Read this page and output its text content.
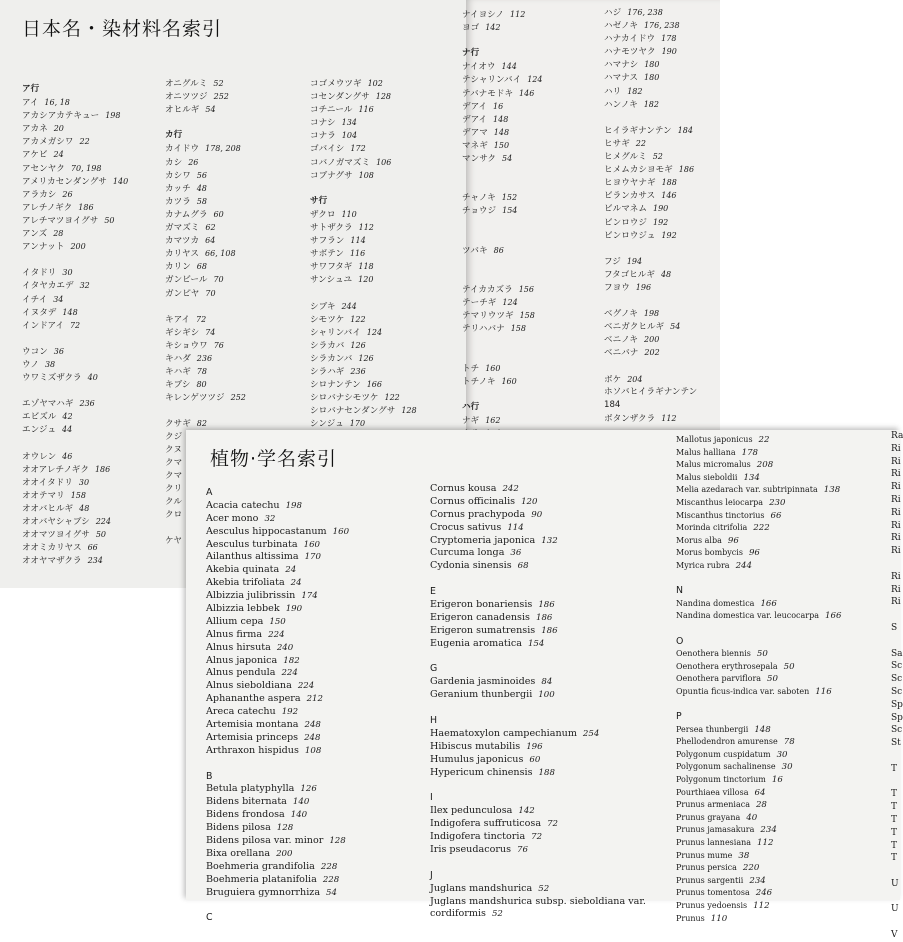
日本名・染材料名索引
ア行
アイ 16, 18
アカシアカテキュー 198
アカネ 20
アカメガシワ 22
アケビ 24
アセンヤク 70, 198
アメリカセンダングサ 140
アラカシ 26
アレチノギク 186
アレチマツヨイグサ 50
アンズ 28
アンナット 200
イタドリ 30
イタヤカエデ 32
イチイ 34
イヌタデ 148
インドアイ 72
ウコン 36
ウノ 38
ウワミズザクラ 40
エゾヤマハギ 236
エビズル 42
エンジュ 44
オウレン 46
オオアレチノギク 186
オオイタドリ 30
オオテマリ 158
オオバヒルギ 48
オオバヤシャブシ 224
オオマツヨイグサ 50
オオミカリヤス 66
オオヤマザクラ 234
オニグルミ 52
オニツツジ 252
オヒルギ 54
カ行
カイドウ 178, 208
カシ 26
カシワ 56
カッチ 48
カツラ 58
カナムグラ 60
ガマズミ 62
カマツカ 64
カリヤス 66, 108
カリン 68
ガンビール 70
ガンピヤ 70
キアイ 72
ギシギシ 74
キショウワ 76
キハダ 236
キハギ 78
キブシ 80
キレンゲツツジ 252
クサギ 82
クジ
クヌ
クマ
クマ
クリ
クル
クロ
ケヤ
コゴメウツギ 102
コセンダングサ 128
コチニール 116
コナシ 134
コナラ 104
ゴバイシ 172
コバノガマズミ 106
コブナグサ 108
サ行
ザクロ 110
サトザクラ 112
サフラン 114
サボテン 116
サワフタギ 118
サンシュユ 120
シブキ 244
シモツケ 122
シャリンバイ 124
シラカバ 126
シラカンバ 126
シラハギ 236
シロナンテン 166
シロバナシモツケ 122
シロバナセンダングサ 128
シンジュ 170
ナイヨシノ 112
ヨゴ 142
ナ行
ナイオウ 144
テシャリンバイ 124
テバナモドキ 146
デアイ 16
デアイ 148
デアマ 148
マネギ 150
マンサク 54
チャノキ 152
チョウジ 154
ツバキ 86
テイカカズラ 156
テーチギ 124
テマリウツギ 158
テリハバナ 158
トチ 160
トチノキ 160
ハ行
ナギ 162
ハジ 176, 238
ハゼノキ 176, 238
ハナカイドウ 178
ハナモツヤク 190
ハマナシ 180
ハマナス 180
ハリ 182
ハンノキ 182
ヒイラギナンテン 184
ヒサギ 22
ヒメグルミ 52
ヒメムカシヨモギ 186
ヒヨウヤナギ 188
ビランカサス 146
ビルマネム 190
ビンロウジ 192
ビンロウジュ 192
フジ 194
フタゴヒルギ 48
フヨウ 196
ベグノキ 198
ベニガクヒルギ 54
ベニノキ 200
ベニバナ 202
ボケ 204
ホソバヒイラギナンテン
184
ボタンザクラ 112
植物·学名索引
A
Acacia catechu 198
Acer mono 32
Aesculus hippocastanum 160
Aesculus turbinata 160
Ailanthus altissima 170
Akebia quinata 24
Akebia trifoliata 24
Albizzia julibrissin 174
Albizzia lebbek 190
Allium cepa 150
Alnus firma 224
Alnus hirsuta 240
Alnus japonica 182
Alnus pendula 224
Alnus sieboldiana 224
Aphananthe aspera 212
Areca catechu 192
Artemisia montana 248
Artemisia princeps 248
Arthraxon hispidus 108
B
Betula platyphylla 126
Bidens biternata 140
Bidens frondosa 140
Bidens pilosa 128
Bidens pilosa var. minor 128
Bixa orellana 200
Boehmeria grandifolia 228
Boehmeria platanifolia 228
Bruguiera gymnorrhiza 54
C
Cornus kousa 242
Cornus officinalis 120
Cornus prachypoda 90
Crocus sativus 114
Cryptomeria japonica 132
Curcuma longa 36
Cydonia sinensis 68
E
Erigeron bonariensis 186
Erigeron canadensis 186
Erigeron sumatrensis 186
Eugenia aromatica 154
G
Gardenia jasminoides 84
Geranium thunbergii 100
H
Haematoxylon campechianum 254
Hibiscus mutabilis 196
Humulus japonicus 60
Hypericum chinensis 188
I
Ilex pedunculosa 142
Indigofera suffruticosa 72
Indigofera tinctoria 72
Iris pseudacorus 76
J
Juglans mandshurica 52
Juglans mandshurica subsp. sieboldiana var.
cordiformis 52
Mallotus japonicus 22
Malus halliana 178
Malus micromalus 208
Malus sieboldii 134
Melia azedarach var. subtripinnata 138
Miscanthus leiocarpa 230
Miscanthus tinctorius 66
Morinda citrifolia 222
Morus alba 96
Morus bombycis 96
Myrica rubra 244
N
Nandina domestica 166
Nandina domestica var. leucocarpa 166
O
Oenothera biennis 50
Oenothera erythrosepala 50
Oenothera parviflora 50
Opuntia ficus-indica var. saboten 116
P
Persea thunbergii 148
Phellodendron amurense 78
Polygonum cuspidatum 30
Polygonum sachalinense 30
Polygonum tinctorium 16
Pourthiaea villosa 64
Prunus armeniaca 28
Prunus grayana 40
Prunus jamasakura 234
Prunus lannesiana 112
Prunus mume 38
Prunus persica 220
Prunus sargentii 234
Prunus tomentosa 246
Prunus yedoensis 112
Prunus 110
Ra
Ri
Ri
Ri
Ri
Ri
Ri
Ri
Ri
Ri

Ri
Ri
Ri

S

Sa
Sc
Sc
Sc
Sp
Sp
Sc
St

T

T
T
T
T
T
T

U

U

V
